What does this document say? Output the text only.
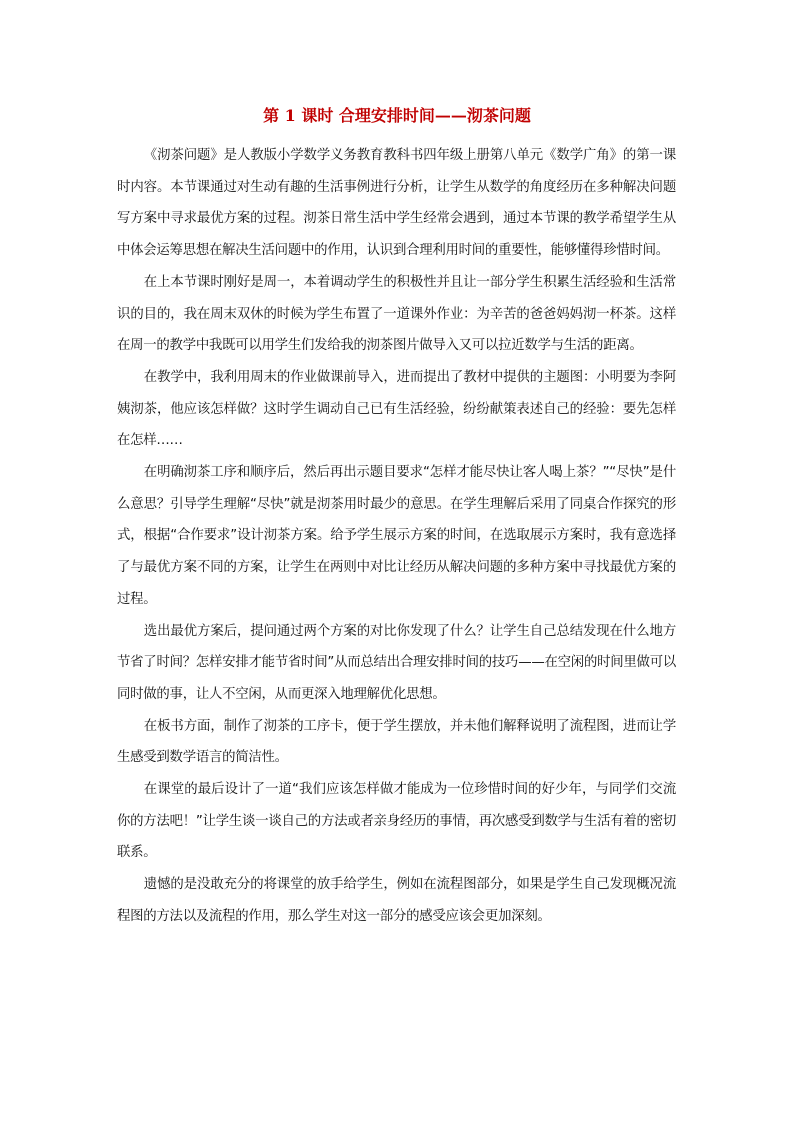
第 1 课时 合理安排时间——沏茶问题

《沏茶问题》是人教版小学数学义务教育教科书四年级上册第八单元《数学广角》的第一课时内容。本节课通过对生动有趣的生活事例进行分析，让学生从数学的角度经历在多种解决问题写方案中寻求最优方案的过程。沏茶日常生活中学生经常会遇到，通过本节课的教学希望学生从中体会运筹思想在解决生活问题中的作用，认识到合理利用时间的重要性，能够懂得珍惜时间。

在上本节课时刚好是周一，本着调动学生的积极性并且让一部分学生积累生活经验和生活常识的目的，我在周末双休的时候为学生布置了一道课外作业：为辛苦的爸爸妈妈沏一杯茶。这样在周一的教学中我既可以用学生们发给我的沏茶图片做导入又可以拉近数学与生活的距离。

在教学中，我利用周末的作业做课前导入，进而提出了教材中提供的主题图：小明要为李阿姨沏茶，他应该怎样做？这时学生调动自己已有生活经验，纷纷献策表述自己的经验：要先怎样在怎样……

在明确沏茶工序和顺序后，然后再出示题目要求“怎样才能尽快让客人喝上茶？”“尽快”是什么意思？引导学生理解“尽快”就是沏茶用时最少的意思。在学生理解后采用了同桌合作探究的形式，根据“合作要求”设计沏茶方案。给予学生展示方案的时间，在选取展示方案时，我有意选择了与最优方案不同的方案，让学生在两则中对比让经历从解决问题的多种方案中寻找最优方案的过程。

选出最优方案后，提问通过两个方案的对比你发现了什么？让学生自己总结发现在什么地方节省了时间？怎样安排才能节省时间”从而总结出合理安排时间的技巧——在空闲的时间里做可以同时做的事，让人不空闲，从而更深入地理解优化思想。

在板书方面，制作了沏茶的工序卡，便于学生摆放，并未他们解释说明了流程图，进而让学生感受到数学语言的简洁性。

在课堂的最后设计了一道“我们应该怎样做才能成为一位珍惜时间的好少年，与同学们交流你的方法吧！”让学生谈一谈自己的方法或者亲身经历的事情，再次感受到数学与生活有着的密切联系。

遗憾的是没敢充分的将课堂的放手给学生，例如在流程图部分，如果是学生自己发现概况流程图的方法以及流程的作用，那么学生对这一部分的感受应该会更加深刻。
